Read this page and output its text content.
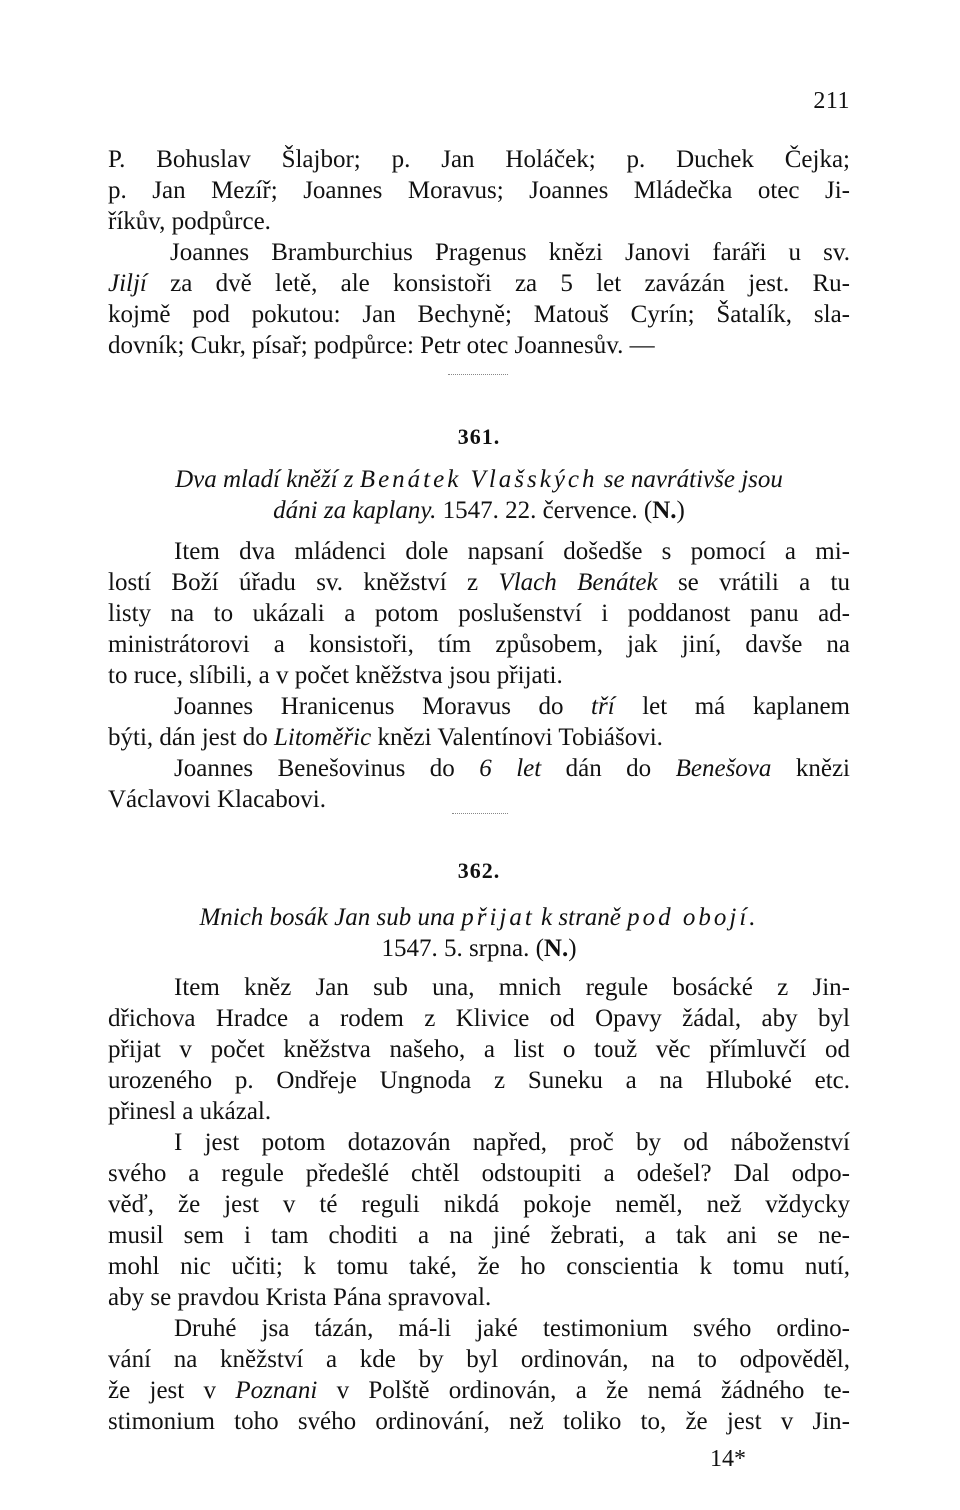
211
P. Bohuslav Šlajbor; p. Jan Holáček; p. Duchek Čejka;
p. Jan Mezíř; Joannes Moravus; Joannes Mládečka otec Ji-
říkův, podpůrce.
Joannes Bramburchius Pragenus knězi Janovi faráři u sv.
Jiljí za dvě letě, ale konsistoři za 5 let zavázán jest. Ru-
kojmě pod pokutou: Jan Bechyně; Matouš Cyrín; Šatalík, sla-
dovník; Cukr, písař; podpůrce: Petr otec Joannesův. —
361.
Dva mladí kněží z Benátek Vlašských se navrátivše jsou
dáni za kaplany. 1547. 22. července. (N.)
Item dva mládenci dole napsaní došedše s pomocí a mi-
lostí Boží úřadu sv. kněžství z Vlach Benátek se vrátili a tu
listy na to ukázali a potom poslušenství i poddanost panu ad-
ministrátorovi a konsistoři, tím způsobem, jak jiní, davše na
to ruce, slíbili, a v počet kněžstva jsou přijati.
Joannes Hranicenus Moravus do tří let má kaplanem
býti, dán jest do Litoměřic knězi Valentínovi Tobiášovi.
Joannes Benešovinus do 6 let dán do Benešova knězi
Václavovi Klacabovi.
362.
Mnich bosák Jan sub una přijat k straně pod obojí.
1547. 5. srpna. (N.)
Item kněz Jan sub una, mnich regule bosácké z Jin-
dřichova Hradce a rodem z Klivice od Opavy žádal, aby byl
přijat v počet kněžstva našeho, a list o touž věc přímluvčí od
urozeného p. Ondřeje Ungnoda z Suneku a na Hluboké etc.
přinesl a ukázal.
I jest potom dotazován napřed, proč by od náboženství
svého a regule předešlé chtěl odstoupiti a odešel? Dal odpo-
věď, že jest v té reguli nikdá pokoje neměl, než vždycky
musil sem i tam choditi a na jiné žebrati, a tak ani se ne-
mohl nic učiti; k tomu také, že ho conscientia k tomu nutí,
aby se pravdou Krista Pána spravoval.
Druhé jsa tázán, má-li jaké testimonium svého ordino-
vání na kněžství a kde by byl ordinován, na to odpověděl,
že jest v Poznani v Polště ordinován, a že nemá žádného te-
stimonium toho svého ordinování, než toliko to, že jest v Jin-
14*
